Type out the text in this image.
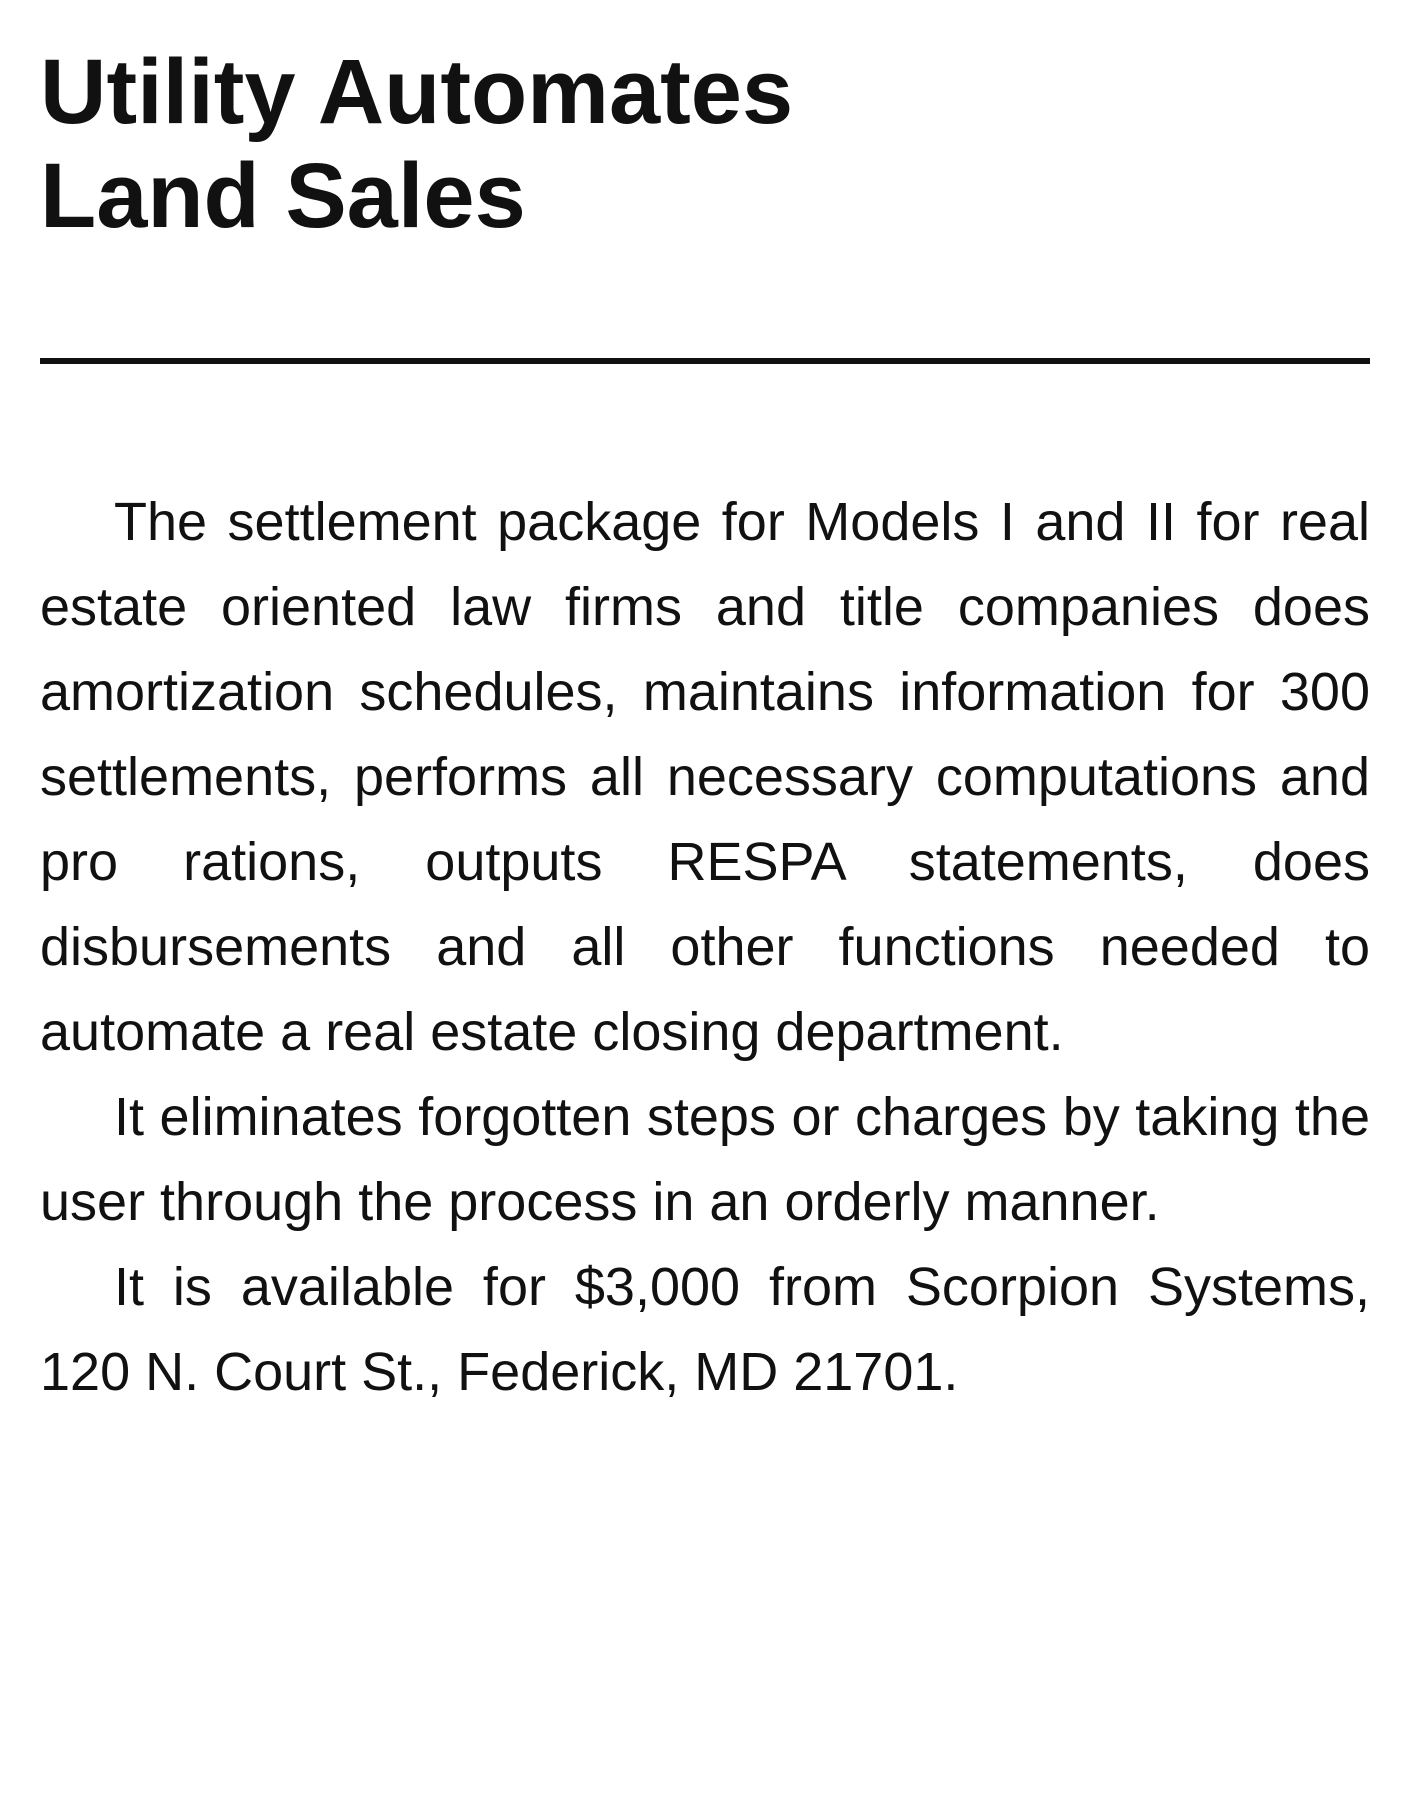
Utility Automates
Land Sales

The settlement package for Models I and II for real estate oriented law firms and title companies does amortization schedules, maintains information for 300 settlements, performs all necessary computations and pro rations, outputs RESPA statements, does disbursements and all other functions needed to automate a real estate closing department.

It eliminates forgotten steps or charges by taking the user through the process in an orderly manner.

It is available for $3,000 from Scorpion Systems, 120 N. Court St., Federick, MD 21701.
